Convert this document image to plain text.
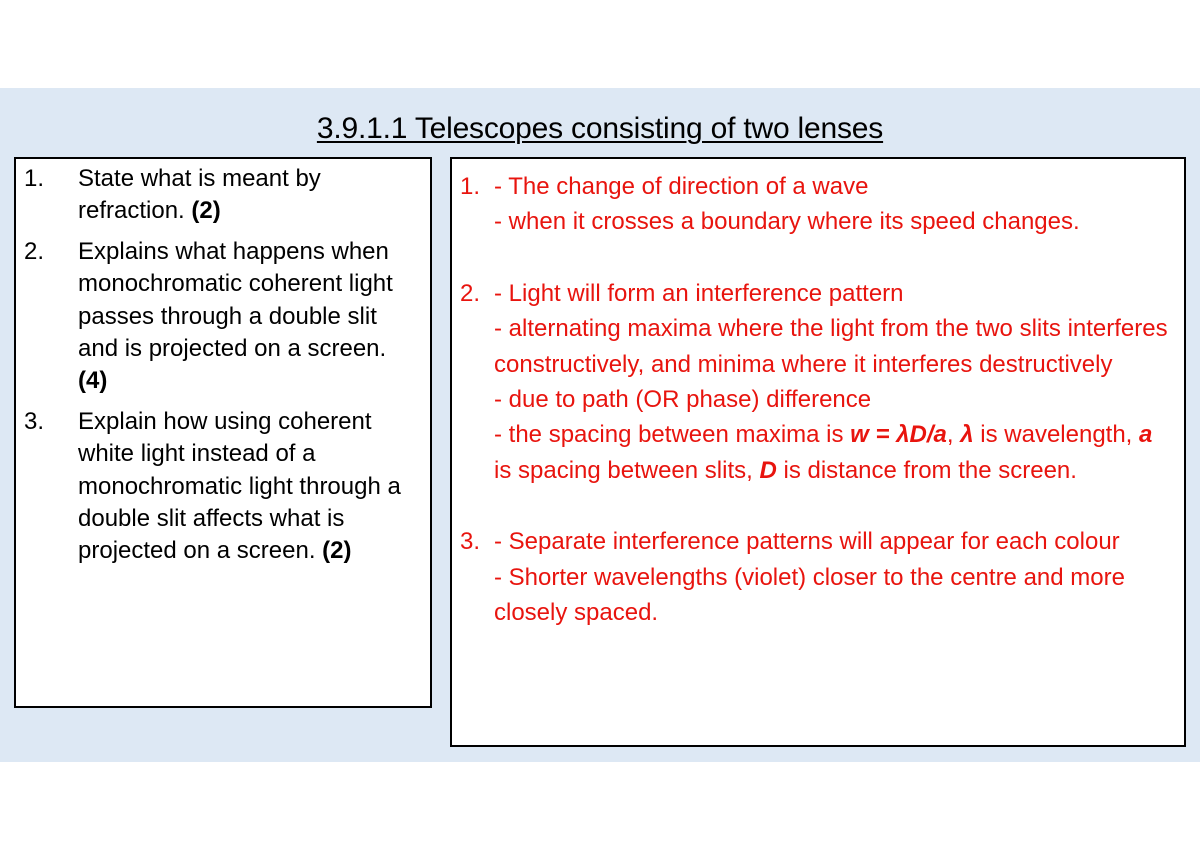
3.9.1.1 Telescopes consisting of two lenses
1.	State what is meant by refraction. (2)
2.	Explains what happens when monochromatic coherent light passes through a double slit and is projected on a screen. (4)
3.	Explain how using coherent white light instead of a monochromatic light through a double slit affects what is projected on a screen. (2)
1. - The change of direction of a wave
- when it crosses a boundary where its speed changes.
2. - Light will form an interference pattern
- alternating maxima where the light from the two slits interferes constructively, and minima where it interferes destructively
- due to path (OR phase) difference
- the spacing between maxima is w = λD/a, λ is wavelength, a is spacing between slits, D is distance from the screen.
3. - Separate interference patterns will appear for each colour
- Shorter wavelengths (violet) closer to the centre and more closely spaced.
